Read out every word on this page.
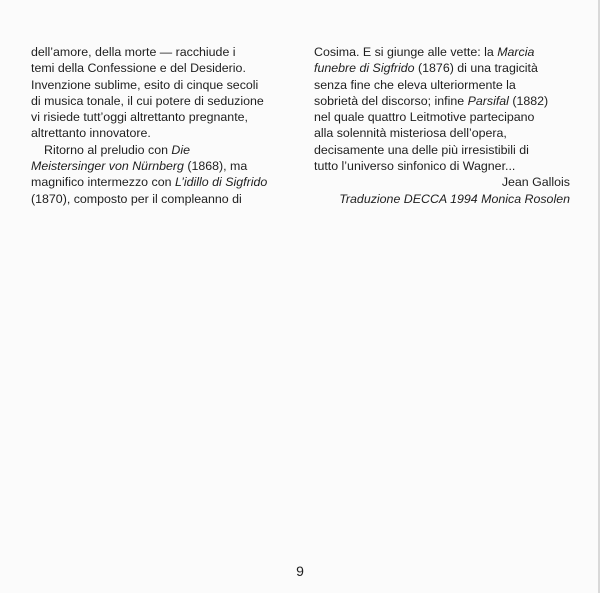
dell’amore, della morte — racchiude i
temi della Confessione e del Desiderio.
Invenzione sublime, esito di cinque secoli
di musica tonale, il cui potere di seduzione
vi risiede tutt’oggi altrettanto pregnante,
altrettanto innovatore.
Ritorno al preludio con Die
Meistersinger von Nürnberg (1868), ma
magnifico intermezzo con L’idillo di Sigfrido
(1870), composto per il compleanno di
Cosima. E si giunge alle vette: la Marcia
funebre di Sigfrido (1876) di una tragicità
senza fine che eleva ulteriormente la
sobrietà del discorso; infine Parsifal (1882)
nel quale quattro Leitmotive partecipano
alla solennità misteriosa dell’opera,
decisamente una delle più irresistibili di
tutto l’universo sinfonico di Wagner...
Jean Gallois
Traduzione DECCA 1994 Monica Rosolen
9
